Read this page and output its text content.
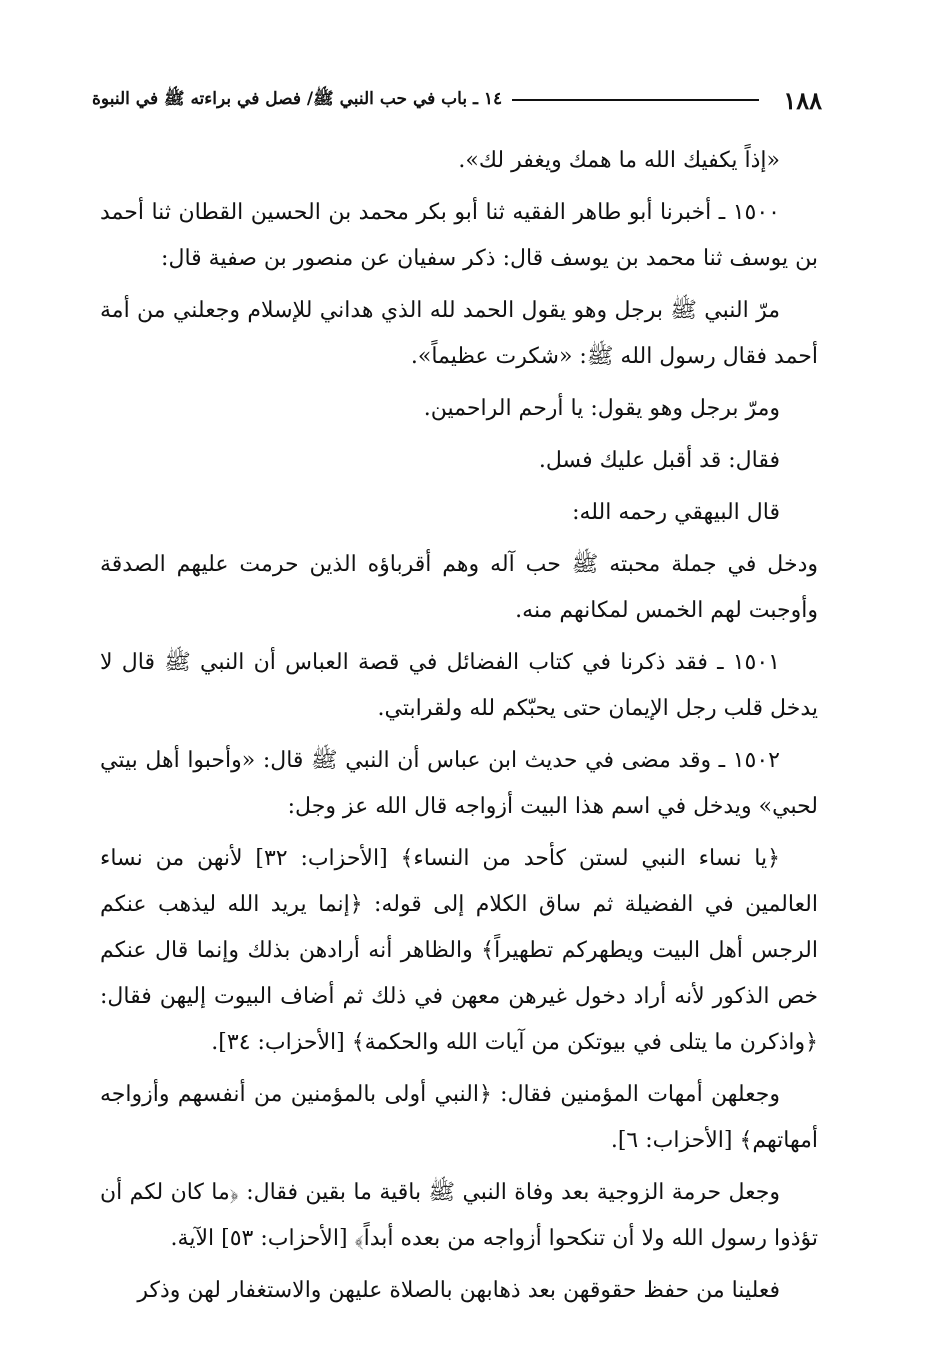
١٨٨
١٤ ـ باب في حب النبي ﷺ/ فصل في براءته ﷺ في النبوة

«إذاً يكفيك الله ما همك ويغفر لك».

١٥٠٠ ـ أخبرنا أبو طاهر الفقيه ثنا أبو بكر محمد بن الحسين القطان ثنا أحمد بن يوسف ثنا محمد بن يوسف قال: ذكر سفيان عن منصور بن صفية قال:

مرّ النبي ﷺ برجل وهو يقول الحمد لله الذي هداني للإسلام وجعلني من أمة أحمد فقال رسول الله ﷺ: «شكرت عظيماً».

ومرّ برجل وهو يقول: يا أرحم الراحمين.

فقال: قد أقبل عليك فسل.

قال البيهقي رحمه الله:

ودخل في جملة محبته ﷺ حب آله وهم أقرباؤه الذين حرمت عليهم الصدقة وأوجبت لهم الخمس لمكانهم منه.

١٥٠١ ـ فقد ذكرنا في كتاب الفضائل في قصة العباس أن النبي ﷺ قال لا يدخل قلب رجل الإيمان حتى يحبّكم لله ولقرابتي.

١٥٠٢ ـ وقد مضى في حديث ابن عباس أن النبي ﷺ قال: «وأحبوا أهل بيتي لحبي» ويدخل في اسم هذا البيت أزواجه قال الله عز وجل:

﴿يا نساء النبي لستن كأحد من النساء﴾ [الأحزاب: ٣٢] لأنهن من نساء العالمين في الفضيلة ثم ساق الكلام إلى قوله: ﴿إنما يريد الله ليذهب عنكم الرجس أهل البيت ويطهركم تطهيراً﴾ والظاهر أنه أرادهن بذلك وإنما قال عنكم خص الذكور لأنه أراد دخول غيرهن معهن في ذلك ثم أضاف البيوت إليهن فقال: ﴿واذكرن ما يتلى في بيوتكن من آيات الله والحكمة﴾ [الأحزاب: ٣٤].

وجعلهن أمهات المؤمنين فقال: ﴿النبي أولى بالمؤمنين من أنفسهم وأزواجه أمهاتهم﴾ [الأحزاب: ٦].

وجعل حرمة الزوجية بعد وفاة النبي ﷺ باقية ما بقين فقال: ﴿ما كان لكم أن تؤذوا رسول الله ولا أن تنكحوا أزواجه من بعده أبداً﴾ [الأحزاب: ٥٣] الآية.

فعلينا من حفظ حقوقهن بعد ذهابهن بالصلاة عليهن والاستغفار لهن وذكر
